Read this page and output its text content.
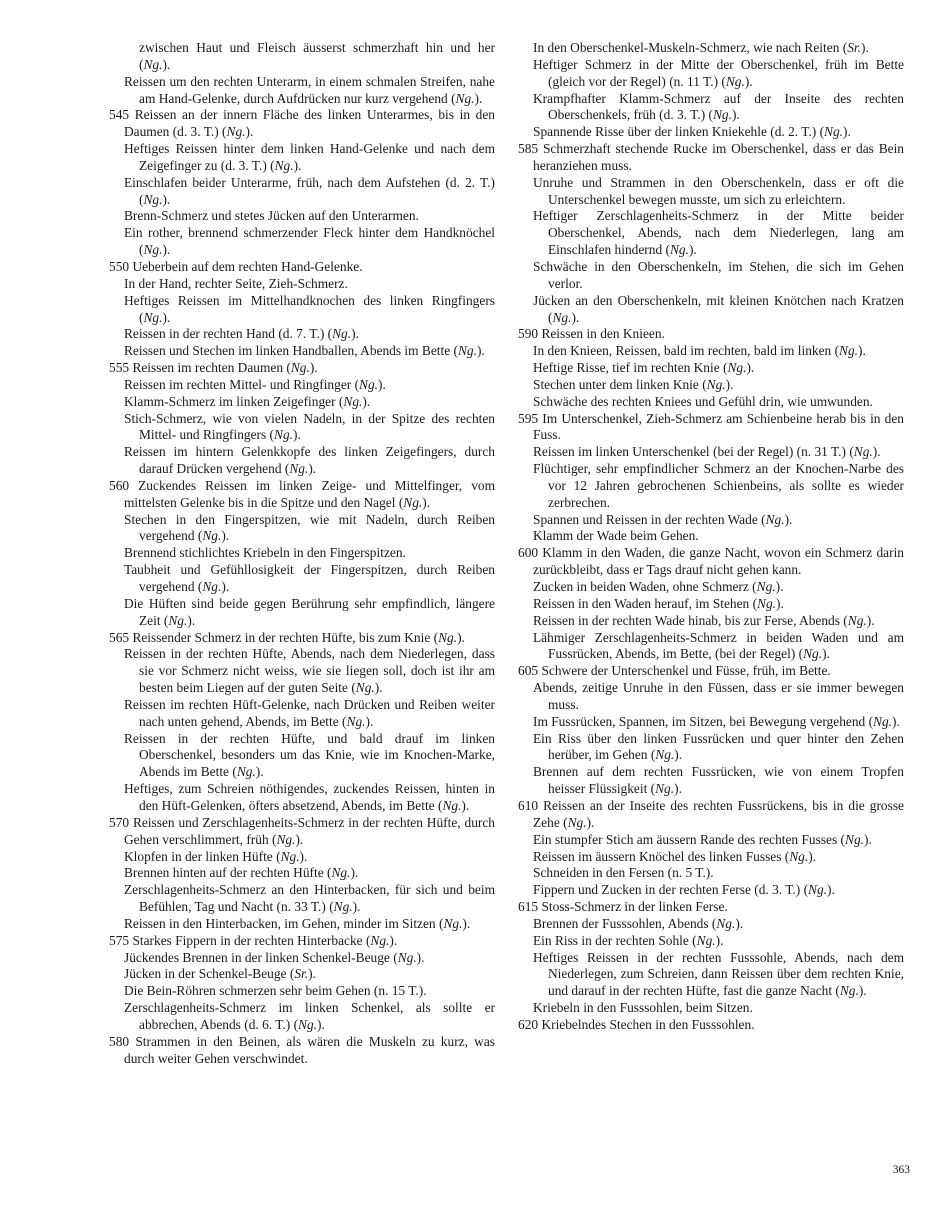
zwischen Haut und Fleisch äusserst schmerzhaft hin und her (Ng.).

Reissen um den rechten Unterarm, in einem schmalen Streifen, nahe am Hand-Gelenke, durch Aufdrücken nur kurz vergehend (Ng.).

545 Reissen an der innern Fläche des linken Unterarmes, bis in den Daumen (d. 3. T.) (Ng.).

Heftiges Reissen hinter dem linken Hand-Gelenke und nach dem Zeigefinger zu (d. 3. T.) (Ng.).

Einschlafen beider Unterarme, früh, nach dem Aufstehen (d. 2. T.) (Ng.).

Brenn-Schmerz und stetes Jücken auf den Unterarmen.

Ein rother, brennend schmerzender Fleck hinter dem Handknöchel (Ng.).

550 Ueberbein auf dem rechten Hand-Gelenke.

In der Hand, rechter Seite, Zieh-Schmerz.

Heftiges Reissen im Mittelhandknochen des linken Ringfingers (Ng.).

Reissen in der rechten Hand (d. 7. T.) (Ng.).

Reissen und Stechen im linken Handballen, Abends im Bette (Ng.).

555 Reissen im rechten Daumen (Ng.).

Reissen im rechten Mittel- und Ringfinger (Ng.).

Klamm-Schmerz im linken Zeigefinger (Ng.).

Stich-Schmerz, wie von vielen Nadeln, in der Spitze des rechten Mittel- und Ringfingers (Ng.).

Reissen im hintern Gelenkkopfe des linken Zeigefingers, durch darauf Drücken vergehend (Ng.).

560 Zuckendes Reissen im linken Zeige- und Mittelfinger, vom mittelsten Gelenke bis in die Spitze und den Nagel (Ng.).

Stechen in den Fingerspitzen, wie mit Nadeln, durch Reiben vergehend (Ng.).

Brennend stichlichtes Kriebeln in den Fingerspitzen.

Taubheit und Gefühllosigkeit der Fingerspitzen, durch Reiben vergehend (Ng.).

Die Hüften sind beide gegen Berührung sehr empfindlich, längere Zeit (Ng.).

565 Reissender Schmerz in der rechten Hüfte, bis zum Knie (Ng.).

Reissen in der rechten Hüfte, Abends, nach dem Niederlegen, dass sie vor Schmerz nicht weiss, wie sie liegen soll, doch ist ihr am besten beim Liegen auf der guten Seite (Ng.).

Reissen im rechten Hüft-Gelenke, nach Drücken und Reiben weiter nach unten gehend, Abends, im Bette (Ng.).

Reissen in der rechten Hüfte, und bald drauf im linken Oberschenkel, besonders um das Knie, wie im Knochen-Marke, Abends im Bette (Ng.).

Heftiges, zum Schreien nöthigendes, zuckendes Reissen, hinten in den Hüft-Gelenken, öfters absetzend, Abends, im Bette (Ng.).

570 Reissen und Zerschlagenheits-Schmerz in der rechten Hüfte, durch Gehen verschlimmert, früh (Ng.).

Klopfen in der linken Hüfte (Ng.).

Brennen hinten auf der rechten Hüfte (Ng.).

Zerschlagenheits-Schmerz an den Hinterbacken, für sich und beim Befühlen, Tag und Nacht (n. 33 T.) (Ng.).

Reissen in den Hinterbacken, im Gehen, minder im Sitzen (Ng.).

575 Starkes Fippern in der rechten Hinterbacke (Ng.).

Jückendes Brennen in der linken Schenkel-Beuge (Ng.).

Jücken in der Schenkel-Beuge (Sr.).

Die Bein-Röhren schmerzen sehr beim Gehen (n. 15 T.).

Zerschlagenheits-Schmerz im linken Schenkel, als sollte er abbrechen, Abends (d. 6. T.) (Ng.).

580 Strammen in den Beinen, als wären die Muskeln zu kurz, was durch weiter Gehen verschwindet.

In den Oberschenkel-Muskeln-Schmerz, wie nach Reiten (Sr.).

Heftiger Schmerz in der Mitte der Oberschenkel, früh im Bette (gleich vor der Regel) (n. 11 T.) (Ng.).

Krampfhafter Klamm-Schmerz auf der Inseite des rechten Oberschenkels, früh (d. 3. T.) (Ng.).

Spannende Risse über der linken Kniekehle (d. 2. T.) (Ng.).

585 Schmerzhaft stechende Rucke im Oberschenkel, dass er das Bein heranziehen muss.

Unruhe und Strammen in den Oberschenkeln, dass er oft die Unterschenkel bewegen musste, um sich zu erleichtern.

Heftiger Zerschlagenheits-Schmerz in der Mitte beider Oberschenkel, Abends, nach dem Niederlegen, lang am Einschlafen hindernd (Ng.).

Schwäche in den Oberschenkeln, im Stehen, die sich im Gehen verlor.

Jücken an den Oberschenkeln, mit kleinen Knötchen nach Kratzen (Ng.).

590 Reissen in den Knieen.

In den Knieen, Reissen, bald im rechten, bald im linken (Ng.).

Heftige Risse, tief im rechten Knie (Ng.).

Stechen unter dem linken Knie (Ng.).

Schwäche des rechten Kniees und Gefühl drin, wie umwunden.

595 Im Unterschenkel, Zieh-Schmerz am Schienbeine herab bis in den Fuss.

Reissen im linken Unterschenkel (bei der Regel) (n. 31 T.) (Ng.).

Flüchtiger, sehr empfindlicher Schmerz an der Knochen-Narbe des vor 12 Jahren gebrochenen Schienbeins, als sollte es wieder zerbrechen.

Spannen und Reissen in der rechten Wade (Ng.).

Klamm der Wade beim Gehen.

600 Klamm in den Waden, die ganze Nacht, wovon ein Schmerz darin zurückbleibt, dass er Tags drauf nicht gehen kann.

Zucken in beiden Waden, ohne Schmerz (Ng.).

Reissen in den Waden herauf, im Stehen (Ng.).

Reissen in der rechten Wade hinab, bis zur Ferse, Abends (Ng.).

Lähmiger Zerschlagenheits-Schmerz in beiden Waden und am Fussrücken, Abends, im Bette, (bei der Regel) (Ng.).

605 Schwere der Unterschenkel und Füsse, früh, im Bette.

Abends, zeitige Unruhe in den Füssen, dass er sie immer bewegen muss.

Im Fussrücken, Spannen, im Sitzen, bei Bewegung vergehend (Ng.).

Ein Riss über den linken Fussrücken und quer hinter den Zehen herüber, im Gehen (Ng.).

Brennen auf dem rechten Fussrücken, wie von einem Tropfen heisser Flüssigkeit (Ng.).

610 Reissen an der Inseite des rechten Fussrückens, bis in die grosse Zehe (Ng.).

Ein stumpfer Stich am äussern Rande des rechten Fusses (Ng.).

Reissen im äussern Knöchel des linken Fusses (Ng.).

Schneiden in den Fersen (n. 5 T.).

Fippern und Zucken in der rechten Ferse (d. 3. T.) (Ng.).

615 Stoss-Schmerz in der linken Ferse.

Brennen der Fusssohlen, Abends (Ng.).

Ein Riss in der rechten Sohle (Ng.).

Heftiges Reissen in der rechten Fusssohle, Abends, nach dem Niederlegen, zum Schreien, dann Reissen über dem rechten Knie, und darauf in der rechten Hüfte, fast die ganze Nacht (Ng.).

Kriebeln in den Fusssohlen, beim Sitzen.

620 Kriebelndes Stechen in den Fusssohlen.

363
